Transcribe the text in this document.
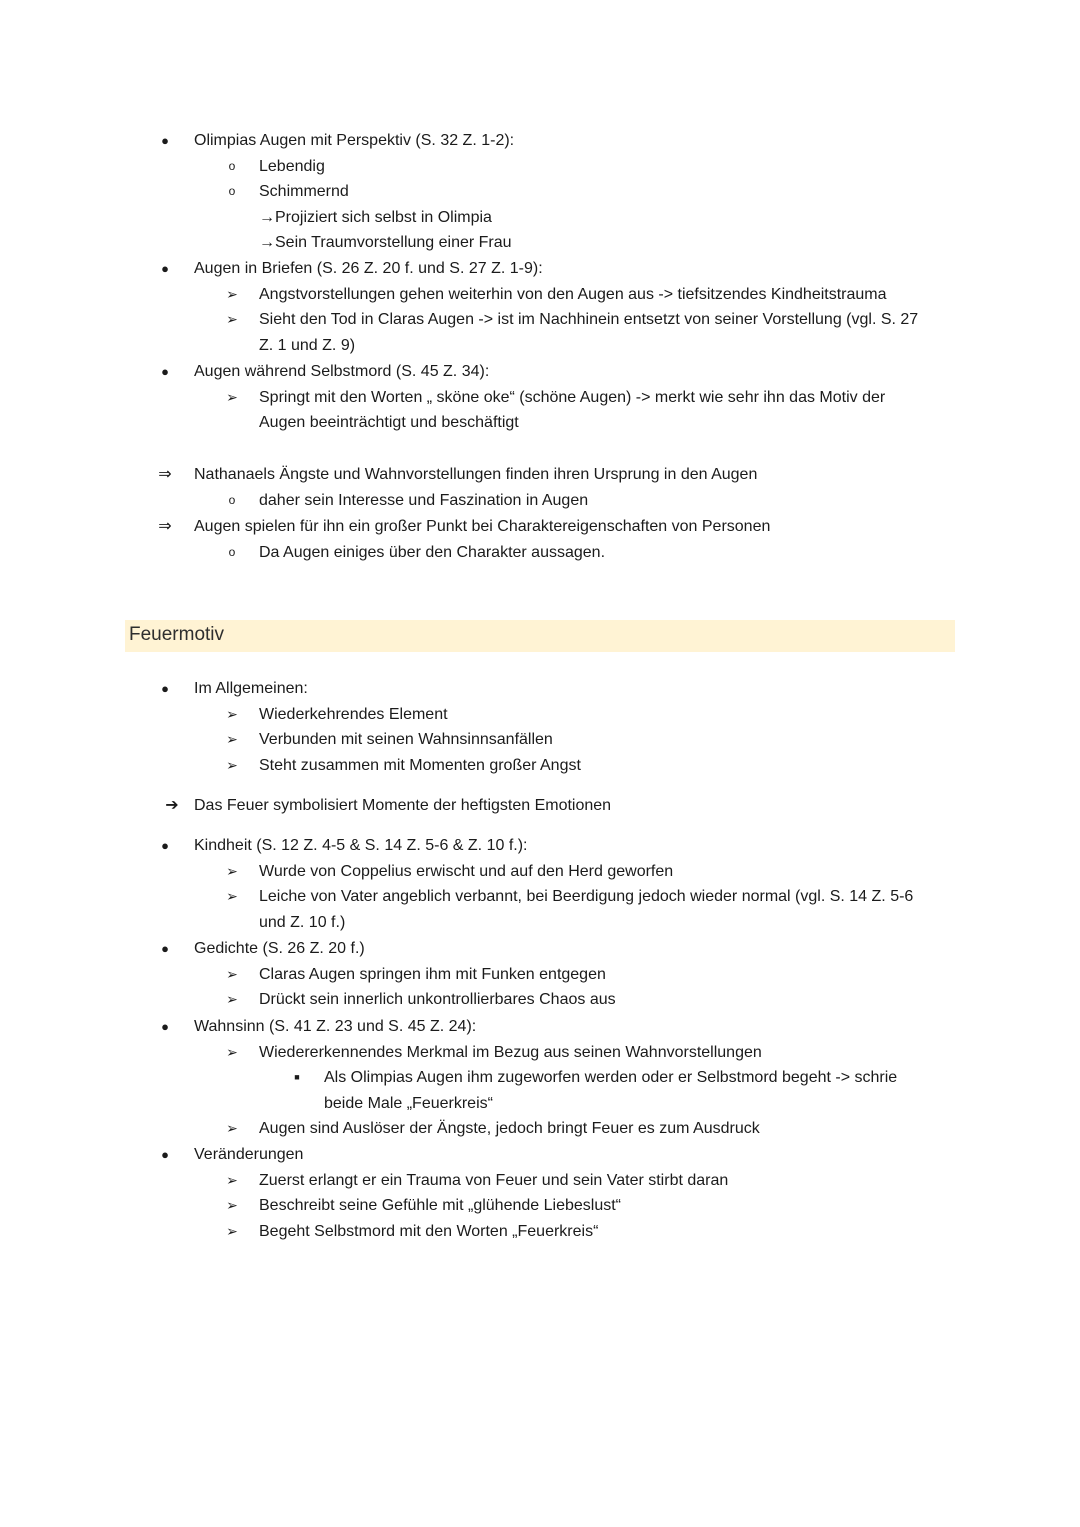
●	Olimpias Augen mit Perspektiv (S. 32 Z. 1-2):
o	Lebendig
o	Schimmernd
→Projiziert sich selbst in Olimpia
→Sein Traumvorstellung einer Frau
●	Augen in Briefen (S. 26 Z. 20 f. und S. 27 Z. 1-9):
➢	Angstvorstellungen gehen weiterhin von den Augen aus -> tiefsitzendes Kindheitstrauma
➢	Sieht den Tod in Claras Augen -> ist im Nachhinein entsetzt von seiner Vorstellung (vgl. S. 27
Z. 1 und Z. 9)
●	Augen während Selbstmord (S. 45 Z. 34):
➢	Springt mit den Worten „ sköne oke“ (schöne Augen) -> merkt wie sehr ihn das Motiv der
Augen beeinträchtigt und beschäftigt
⇒	Nathanaels Ängste und Wahnvorstellungen finden ihren Ursprung in den Augen
o	daher sein Interesse und Faszination in Augen
⇒	Augen spielen für ihn ein großer Punkt bei Charaktereigenschaften von Personen
o	Da Augen einiges über den Charakter aussagen.
Feuermotiv
●	Im Allgemeinen:
➢	Wiederkehrendes Element
➢	Verbunden mit seinen Wahnsinnsanfällen
➢	Steht zusammen mit Momenten großer Angst
➔ Das Feuer symbolisiert Momente der heftigsten Emotionen
●	Kindheit (S. 12 Z. 4-5 & S. 14 Z. 5-6 & Z. 10 f.):
➢	Wurde von Coppelius erwischt und auf den Herd geworfen
➢	Leiche von Vater angeblich verbannt, bei Beerdigung jedoch wieder normal (vgl. S. 14 Z. 5-6
und Z. 10 f.)
●	Gedichte (S. 26 Z. 20 f.)
➢	Claras Augen springen ihm mit Funken entgegen
➢	Drückt sein innerlich unkontrollierbares Chaos aus
●	Wahnsinn (S. 41 Z. 23 und S. 45 Z. 24):
➢	Wiedererkennendes Merkmal im Bezug aus seinen Wahnvorstellungen
■	Als Olimpias Augen ihm zugeworfen werden oder er Selbstmord begeht -> schrie
beide Male „Feuerkreis“
➢	Augen sind Auslöser der Ängste, jedoch bringt Feuer es zum Ausdruck
●	Veränderungen
➢	Zuerst erlangt er ein Trauma von Feuer und sein Vater stirbt daran
➢	Beschreibt seine Gefühle mit „glühende Liebeslust“
➢	Begeht Selbstmord mit den Worten „Feuerkreis“
